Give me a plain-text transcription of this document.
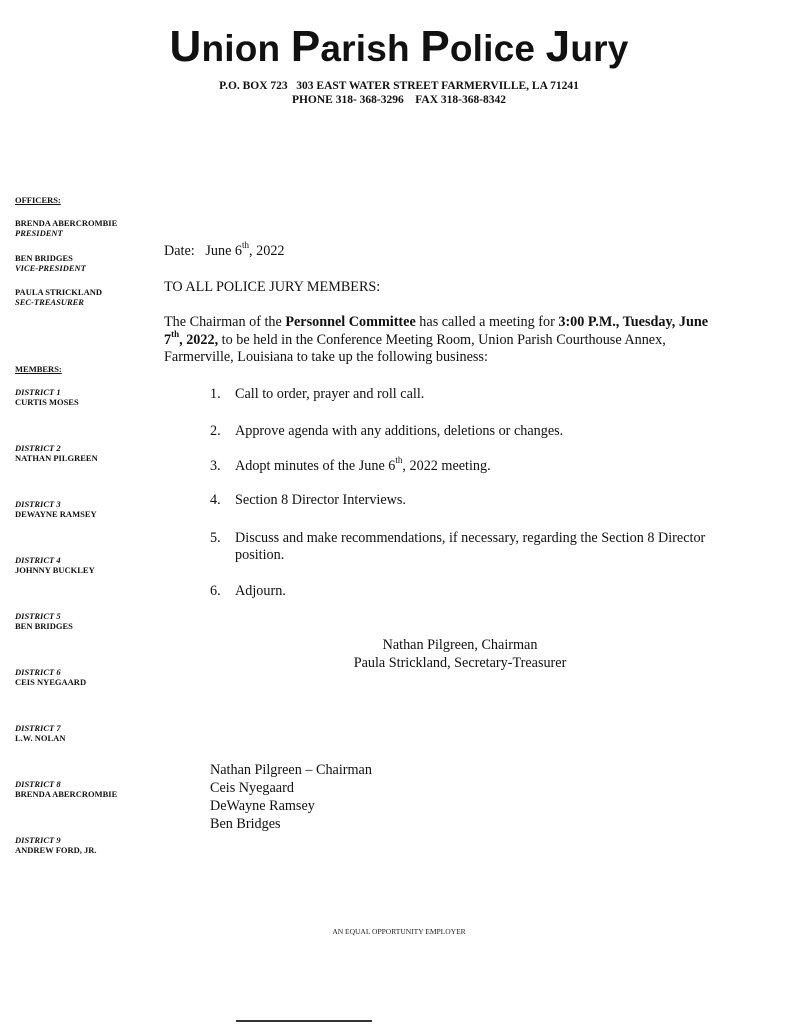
Union Parish Police Jury
P.O. BOX 723   303 EAST WATER STREET FARMERVILLE, LA 71241
PHONE 318- 368-3296    FAX 318-368-8342
OFFICERS:
BRENDA ABERCROMBIE
PRESIDENT
BEN BRIDGES
VICE-PRESIDENT
PAULA STRICKLAND
SEC-TREASURER
MEMBERS:
DISTRICT 1
CURTIS MOSES
DISTRICT 2
NATHAN PILGREEN
DISTRICT 3
DEWAYNE RAMSEY
DISTRICT 4
JOHNNY BUCKLEY
DISTRICT 5
BEN BRIDGES
DISTRICT 6
CEIS NYEGAARD
DISTRICT 7
L.W. NOLAN
DISTRICT 8
BRENDA ABERCROMBIE
DISTRICT 9
ANDREW FORD, JR.
Date: June 6th, 2022
TO ALL POLICE JURY MEMBERS:
The Chairman of the Personnel Committee has called a meeting for 3:00 P.M., Tuesday, June 7th, 2022, to be held in the Conference Meeting Room, Union Parish Courthouse Annex, Farmerville, Louisiana to take up the following business:
1. Call to order, prayer and roll call.
2. Approve agenda with any additions, deletions or changes.
3. Adopt minutes of the June 6th, 2022 meeting.
4. Section 8 Director Interviews.
5. Discuss and make recommendations, if necessary, regarding the Section 8 Director position.
6. Adjourn.
Nathan Pilgreen, Chairman
Paula Strickland, Secretary-Treasurer
Nathan Pilgreen – Chairman
Ceis Nyegaard
DeWayne Ramsey
Ben Bridges
AN EQUAL OPPORTUNITY EMPLOYER
